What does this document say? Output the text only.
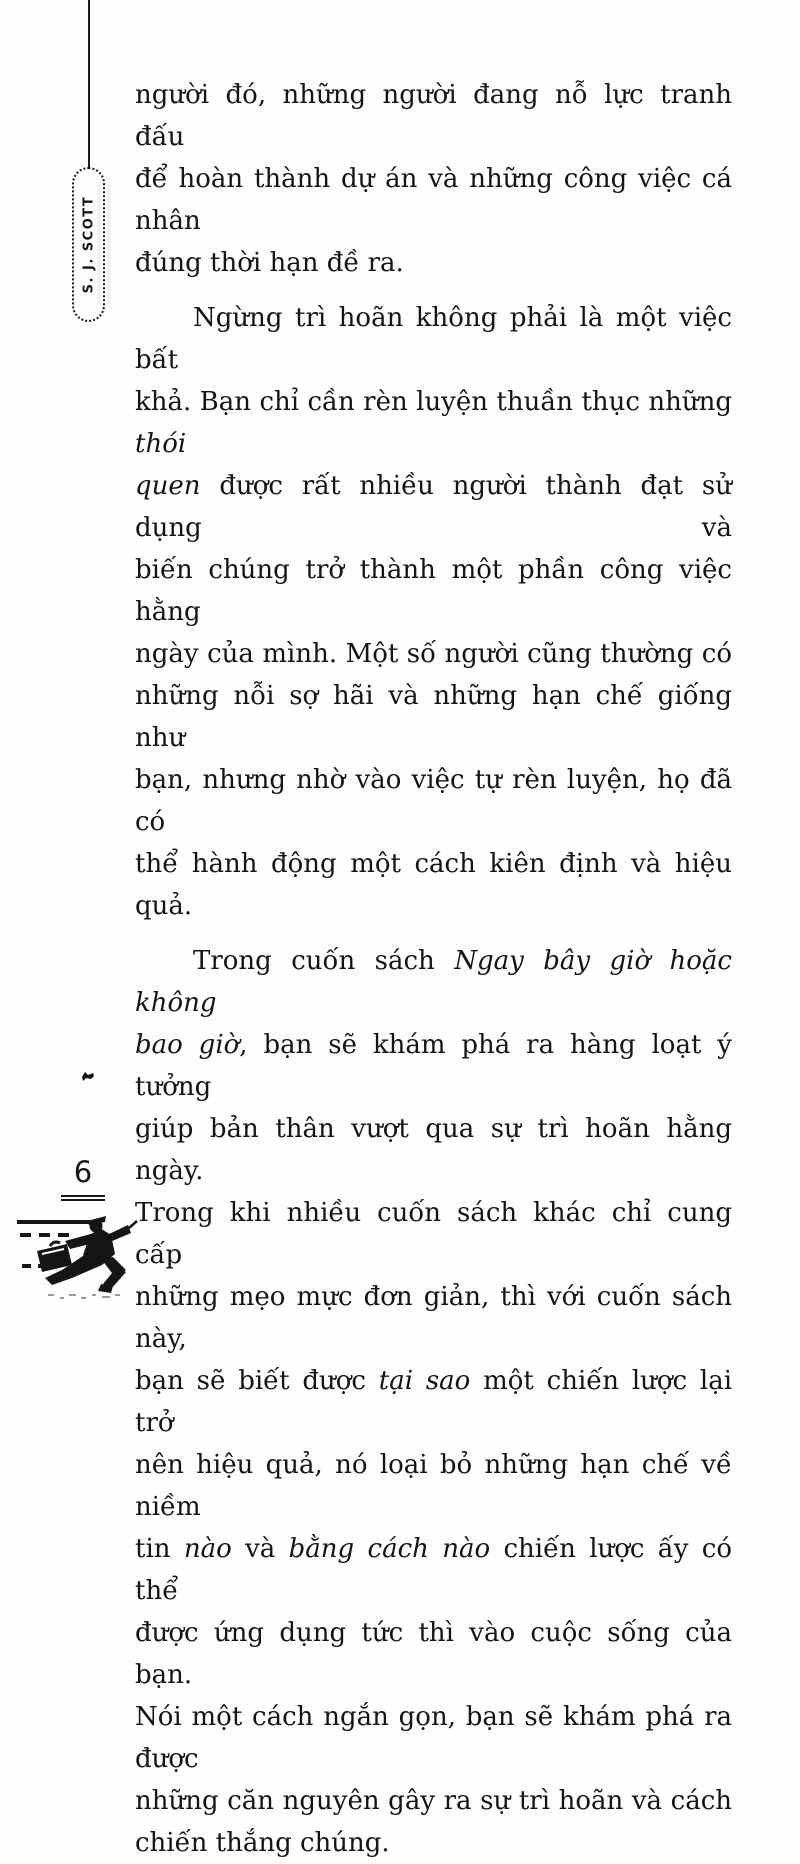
S. J. SCOTT

người đó, những người đang nỗ lực tranh đấu
để hoàn thành dự án và những công việc cá nhân
đúng thời hạn đề ra.

Ngừng trì hoãn không phải là một việc bất
khả. Bạn chỉ cần rèn luyện thuần thục những thói
quen được rất nhiều người thành đạt sử dụng và
biến chúng trở thành một phần công việc hằng
ngày của mình. Một số người cũng thường có
những nỗi sợ hãi và những hạn chế giống như
bạn, nhưng nhờ vào việc tự rèn luyện, họ đã có
thể hành động một cách kiên định và hiệu quả.

Trong cuốn sách Ngay bây giờ hoặc không
bao giờ, bạn sẽ khám phá ra hàng loạt ý tưởng
giúp bản thân vượt qua sự trì hoãn hằng ngày.
Trong khi nhiều cuốn sách khác chỉ cung cấp
những mẹo mực đơn giản, thì với cuốn sách này,
bạn sẽ biết được tại sao một chiến lược lại trở
nên hiệu quả, nó loại bỏ những hạn chế về niềm
tin nào và bằng cách nào chiến lược ấy có thể
được ứng dụng tức thì vào cuộc sống của bạn.
Nói một cách ngắn gọn, bạn sẽ khám phá ra được
những căn nguyên gây ra sự trì hoãn và cách
chiến thắng chúng.

6
